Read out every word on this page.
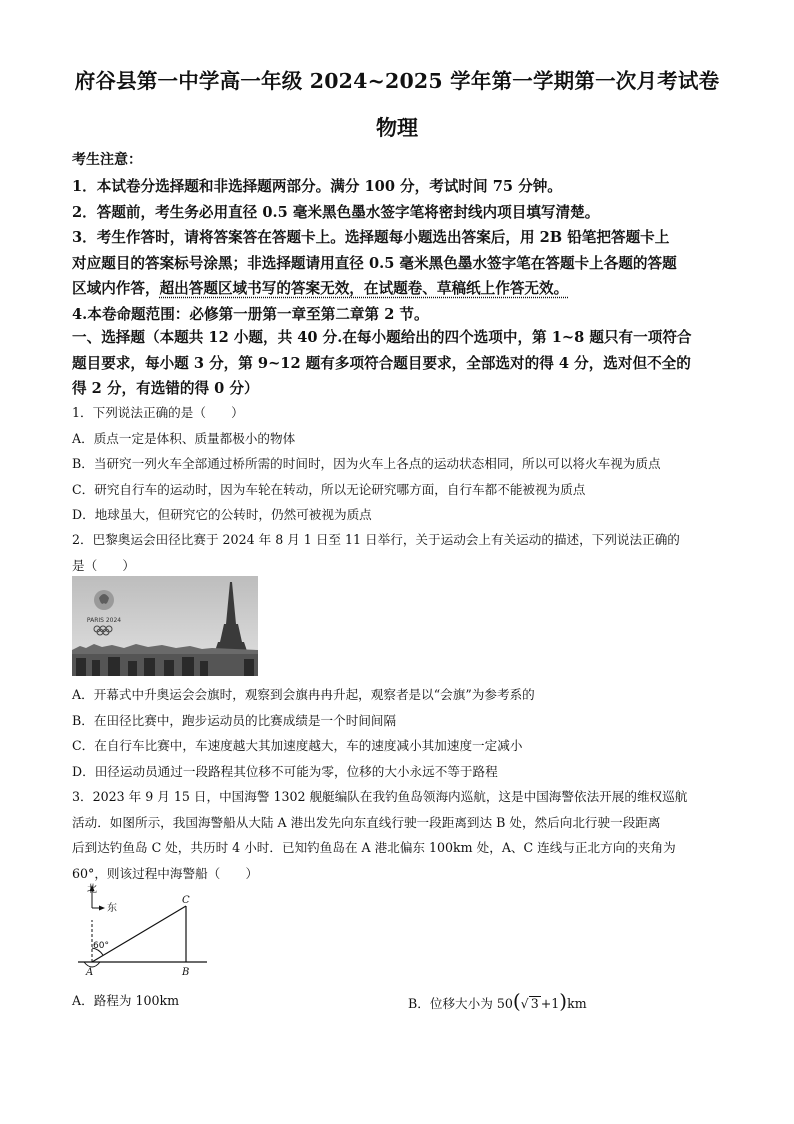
府谷县第一中学高一年级 2024~2025 学年第一学期第一次月考试卷
物理
考生注意：

1．本试卷分选择题和非选择题两部分。满分 100 分，考试时间 75 分钟。

2．答题前，考生务必用直径 0.5 毫米黑色墨水签字笔将密封线内项目填写清楚。

3．考生作答时，请将答案答在答题卡上。选择题每小题选出答案后，用 2B 铅笔把答题卡上

对应题目的答案标号涂黑；非选择题请用直径 0.5 毫米黑色墨水签字笔在答题卡上各题的答题

区域内作答，超出答题区域书写的答案无效，在试题卷、草稿纸上作答无效。

4.本卷命题范围：必修第一册第一章至第二章第 2 节。

一、选择题（本题共 12 小题，共 40 分.在每小题给出的四个选项中，第 1~8 题只有一项符合

题目要求，每小题 3 分，第 9~12 题有多项符合题目要求，全部选对的得 4 分，选对但不全的

得 2 分，有选错的得 0 分）

1．下列说法正确的是（　　）

A．质点一定是体积、质量都极小的物体

B．当研究一列火车全部通过桥所需的时间时，因为火车上各点的运动状态相同，所以可以将火车视为质点

C．研究自行车的运动时，因为车轮在转动，所以无论研究哪方面，自行车都不能被视为质点

D．地球虽大，但研究它的公转时，仍然可被视为质点

2．巴黎奥运会田径比赛于 2024 年 8 月 1 日至 11 日举行，关于运动会上有关运动的描述，下列说法正确的

是（　　）

PARIS 2024

A．开幕式中升奥运会会旗时，观察到会旗冉冉升起，观察者是以“会旗”为参考系的

B．在田径比赛中，跑步运动员的比赛成绩是一个时间间隔

C．在自行车比赛中，车速度越大其加速度越大，车的速度减小其加速度一定减小

D．田径运动员通过一段路程其位移不可能为零，位移的大小永远不等于路程

3．2023 年 9 月 15 日，中国海警 1302 舰艇编队在我钓鱼岛领海内巡航，这是中国海警依法开展的维权巡航

活动．如图所示，我国海警船从大陆 A 港出发先向东直线行驶一段距离到达 B 处，然后向北行驶一段距离

后到达钓鱼岛 C 处，共历时 4 小时．已知钓鱼岛在 A 港北偏东 100km 处，A、C 连线与正北方向的夹角为

60°，则该过程中海警船（　　）

北
东
60°
A	B
C
A．路程为 100km	B．位移大小为 50(√ 3 +1)km
